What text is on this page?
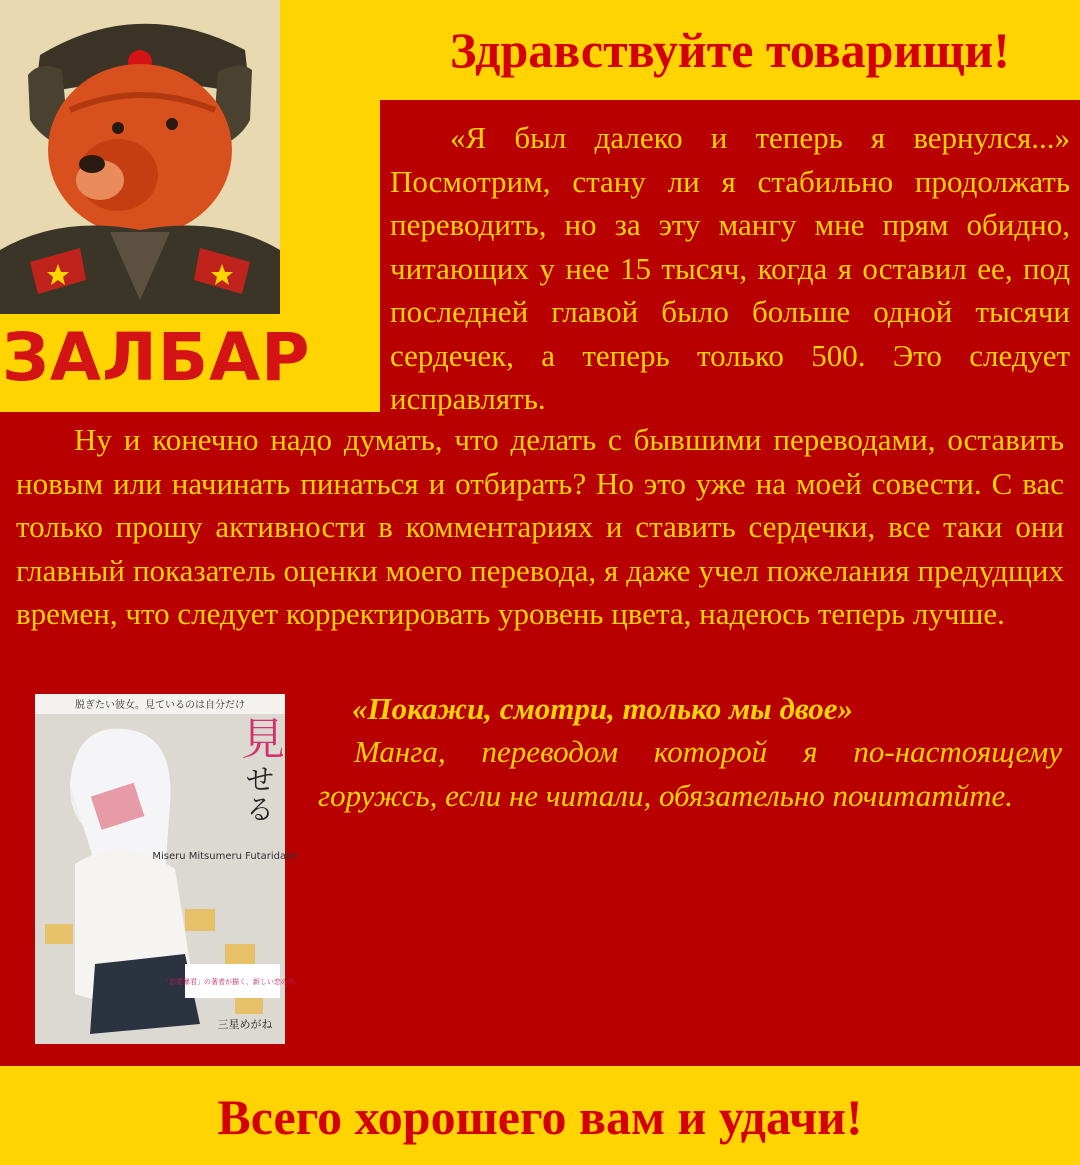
ЗАЛБАР
Здравствуйте товарищи!
«Я был далеко и теперь я вернулся...» Посмотрим, стану ли я стабильно продолжать переводить, но за эту мангу мне прям обидно, читающих у нее 15 тысяч, когда я оставил ее, под последней главой было больше одной тысячи сердечек, а теперь только 500. Это следует исправлять.
Ну и конечно надо думать, что делать с бывшими переводами, оставить новым или начинать пинаться и отбирать? Но это уже на моей совести. С вас только прошу активности в комментариях и ставить сердечки, все таки они главный показатель оценки моего перевода, я даже учел пожелания предудщих времен, что следует корректировать уровень цвета, надеюсь теперь лучше.
脱ぎたい彼女。見ているのは自分だけ
見
せ
る
Miseru Mitsumeru Futaridake
「恋愛暴君」の著者が描く、新しい恋の形。
三星めがね
«Покажи, смотри, только мы двое»
Манга, переводом которой я по-настоящему горужсь, если не читали, обязательно почитатйте.
Всего хорошего вам и удачи!
